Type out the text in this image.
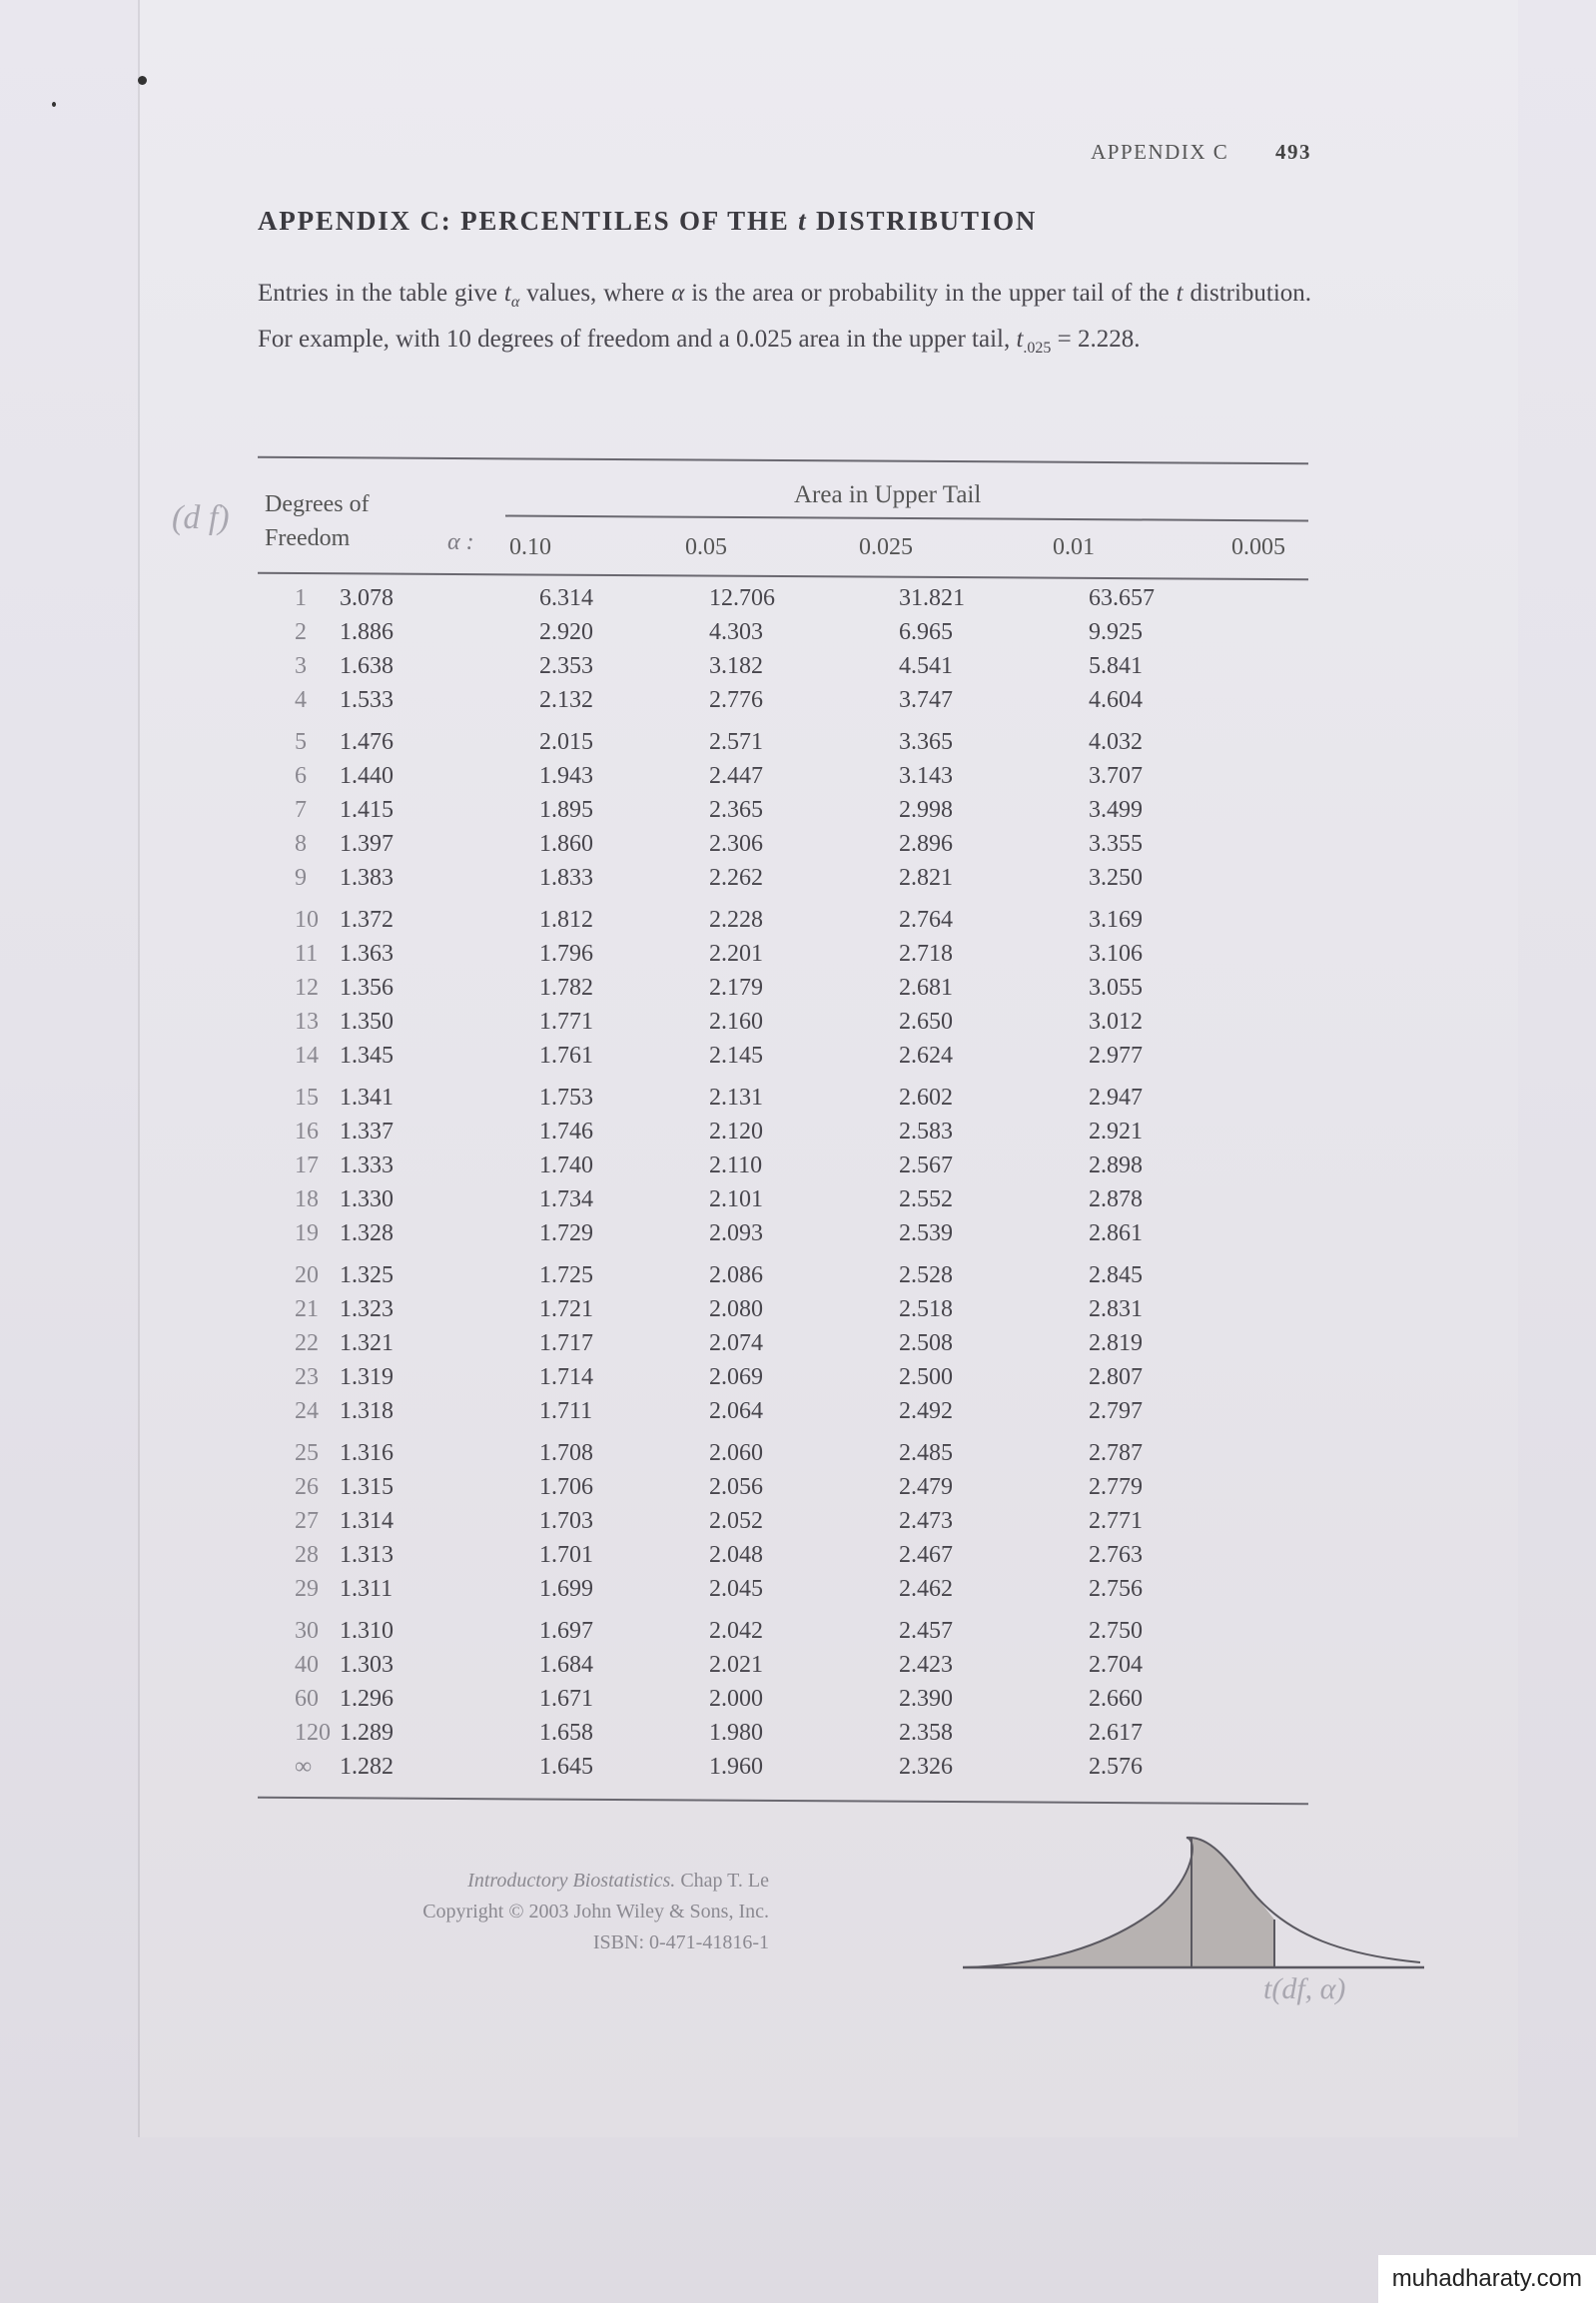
APPENDIX C 493
APPENDIX C: PERCENTILES OF THE t DISTRIBUTION
Entries in the table give $t_\alpha$ values, where α is the area or probability in the upper tail of the t distribution. For example, with 10 degrees of freedom and a 0.025 area in the upper tail, $t_{.025} = 2.228$.
(d f) Degrees of
Freedom
Area in Upper Tail
α : 0.10	0.05	0.025	0.01	0.005
1	3.078	6.314	12.706	31.821	63.657
2	1.886	2.920	4.303	6.965	9.925
3	1.638	2.353	3.182	4.541	5.841
4	1.533	2.132	2.776	3.747	4.604
5	1.476	2.015	2.571	3.365	4.032
6	1.440	1.943	2.447	3.143	3.707
7	1.415	1.895	2.365	2.998	3.499
8	1.397	1.860	2.306	2.896	3.355
9	1.383	1.833	2.262	2.821	3.250
10 1.372	1.812	2.228	2.764	3.169
11 1.363	1.796	2.201	2.718	3.106
12 1.356	1.782	2.179	2.681	3.055
13 1.350	1.771	2.160	2.650	3.012
14 1.345	1.761	2.145	2.624	2.977
15 1.341	1.753	2.131	2.602	2.947
16 1.337	1.746	2.120	2.583	2.921
17 1.333	1.740	2.110	2.567	2.898
18 1.330	1.734	2.101	2.552	2.878
19 1.328	1.729	2.093	2.539	2.861
20 1.325	1.725	2.086	2.528	2.845
21 1.323	1.721	2.080	2.518	2.831
22 1.321	1.717	2.074	2.508	2.819
23 1.319	1.714	2.069	2.500	2.807
24 1.318	1.711	2.064	2.492	2.797
25 1.316	1.708	2.060	2.485	2.787
26 1.315	1.706	2.056	2.479	2.779
27 1.314	1.703	2.052	2.473	2.771
28 1.313	1.701	2.048	2.467	2.763
29 1.311	1.699	2.045	2.462	2.756
30 1.310	1.697	2.042	2.457	2.750
40 1.303	1.684	2.021	2.423	2.704
60 1.296	1.671	2.000	2.390	2.660
120 1.289	1.658	1.980	2.358	2.617
∞	1.282	1.645	1.960	2.326	2.576
Introductory Biostatistics. Chap T. Le
Copyright © 2003 John Wiley & Sons, Inc.
ISBN: 0-471-41816-1
t(df, α)
muhadharaty.com
